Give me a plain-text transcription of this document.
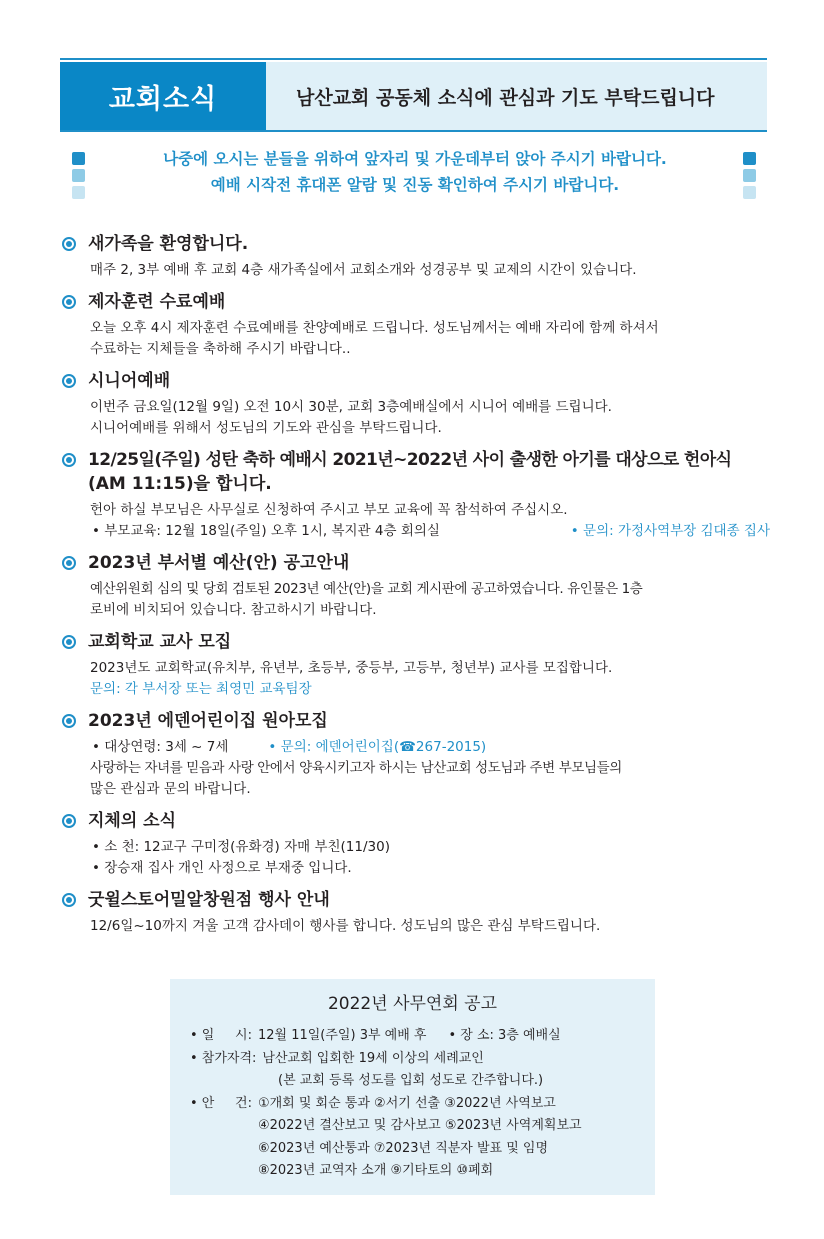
교회소식	남산교회 공동체 소식에 관심과 기도 부탁드립니다
나중에 오시는 분들을 위하여 앞자리 및 가운데부터 앉아 주시기 바랍니다.
예배 시작전 휴대폰 알람 및 진동 확인하여 주시기 바랍니다.
새가족을 환영합니다.
매주 2, 3부 예배 후 교회 4층 새가족실에서 교회소개와 성경공부 및 교제의 시간이 있습니다.
제자훈련 수료예배
오늘 오후 4시 제자훈련 수료예배를 찬양예배로 드립니다. 성도님께서는 예배 자리에 함께 하셔서
수료하는 지체들을 축하해 주시기 바랍니다..
시니어예배
이번주 금요일(12월 9일) 오전 10시 30분, 교회 3층예배실에서 시니어 예배를 드립니다.
시니어예배를 위해서 성도님의 기도와 관심을 부탁드립니다.
12/25일(주일) 성탄 축하 예배시 2021년~2022년 사이 출생한 아기를 대상으로 헌아식
(AM 11:15)을 합니다.
헌아 하실 부모님은 사무실로 신청하여 주시고 부모 교육에 꼭 참석하여 주십시오.
• 부모교육: 12월 18일(주일) 오후 1시, 복지관 4층 회의실	• 문의: 가정사역부장 김대종 집사
2023년 부서별 예산(안) 공고안내
예산위원회 심의 및 당회 검토된 2023년 예산(안)을 교회 게시판에 공고하였습니다. 유인물은 1층
로비에 비치되어 있습니다. 참고하시기 바랍니다.
교회학교 교사 모집
2023년도 교회학교(유치부, 유년부, 초등부, 중등부, 고등부, 청년부) 교사를 모집합니다.
문의: 각 부서장 또는 최영민 교육팀장
2023년 에덴어린이집 원아모집
• 대상연령: 3세 ~ 7세	• 문의: 에덴어린이집(☎267-2015)
사랑하는 자녀를 믿음과 사랑 안에서 양육시키고자 하시는 남산교회 성도님과 주변 부모님들의
많은 관심과 문의 바랍니다.
지체의 소식
• 소 천: 12교구 구미정(유화경) 자매 부친(11/30)
• 장승재 집사 개인 사정으로 부재중 입니다.
굿윌스토어밀알창원점 행사 안내
12/6일~10까지 겨울 고객 감사데이 행사를 합니다. 성도님의 많은 관심 부탁드립니다.
2022년 사무연회 공고
• 일     시: 12월 11일(주일) 3부 예배 후 • 장 소: 3층 예배실
• 참가자격: 남산교회 입회한 19세 이상의 세례교인
(본 교회 등록 성도를 입회 성도로 간주합니다.)
• 안     건: ①개회 및 회순 통과 ②서기 선출 ③2022년 사역보고
④2022년 결산보고 및 감사보고 ⑤2023년 사역계획보고
⑥2023년 예산통과 ⑦2023년 직분자 발표 및 임명
⑧2023년 교역자 소개 ⑨기타토의 ⑩폐회
